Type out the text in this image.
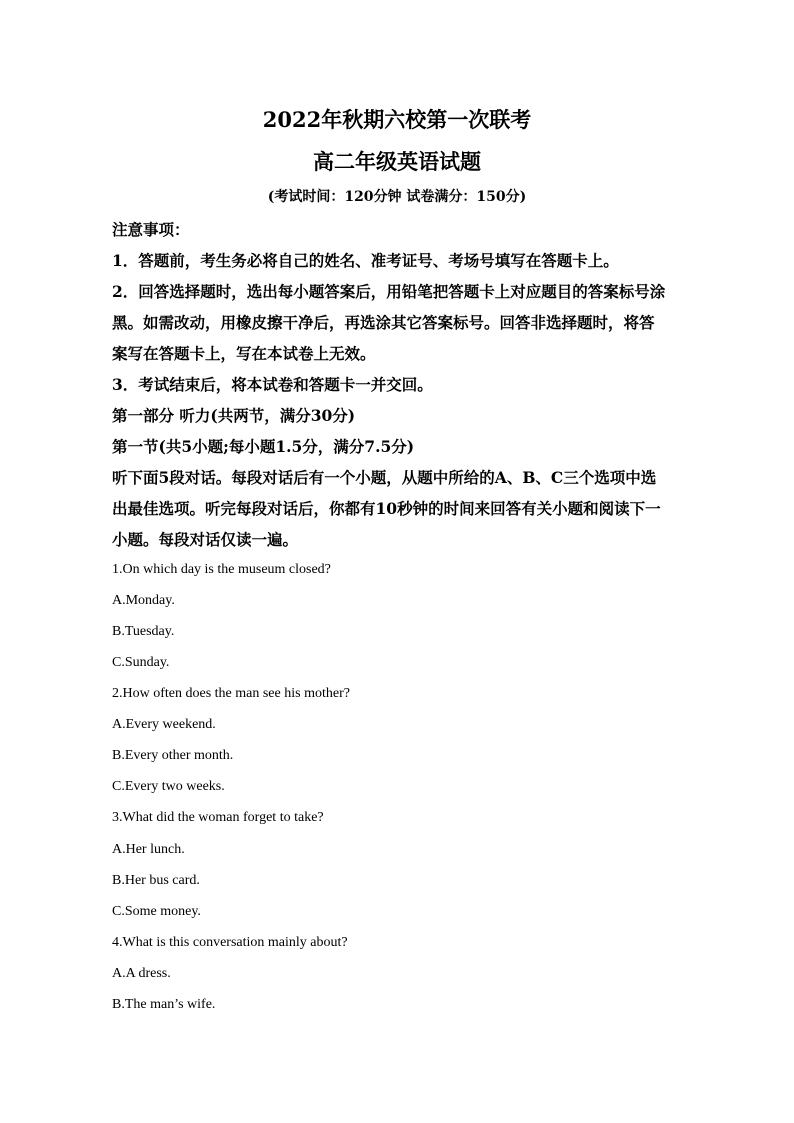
2022年秋期六校第一次联考
高二年级英语试题
(考试时间：120分钟 试卷满分：150分)
注意事项：
1．答题前，考生务必将自己的姓名、准考证号、考场号填写在答题卡上。
2．回答选择题时，选出每小题答案后，用铅笔把答题卡上对应题目的答案标号涂
黑。如需改动，用橡皮擦干净后，再选涂其它答案标号。回答非选择题时，将答
案写在答题卡上，写在本试卷上无效。
3．考试结束后，将本试卷和答题卡一并交回。
第一部分 听力(共两节，满分30分)
第一节(共5小题;每小题1.5分，满分7.5分)
听下面5段对话。每段对话后有一个小题，从题中所给的A、B、C三个选项中选
出最佳选项。听完每段对话后，你都有10秒钟的时间来回答有关小题和阅读下一
小题。每段对话仅读一遍。
1.On which day is the museum closed?
A.Monday.
B.Tuesday.
C.Sunday.
2.How often does the man see his mother?
A.Every weekend.
B.Every other month.
C.Every two weeks.
3.What did the woman forget to take?
A.Her lunch.
B.Her bus card.
C.Some money.
4.What is this conversation mainly about?
A.A dress.
B.The man’s wife.
